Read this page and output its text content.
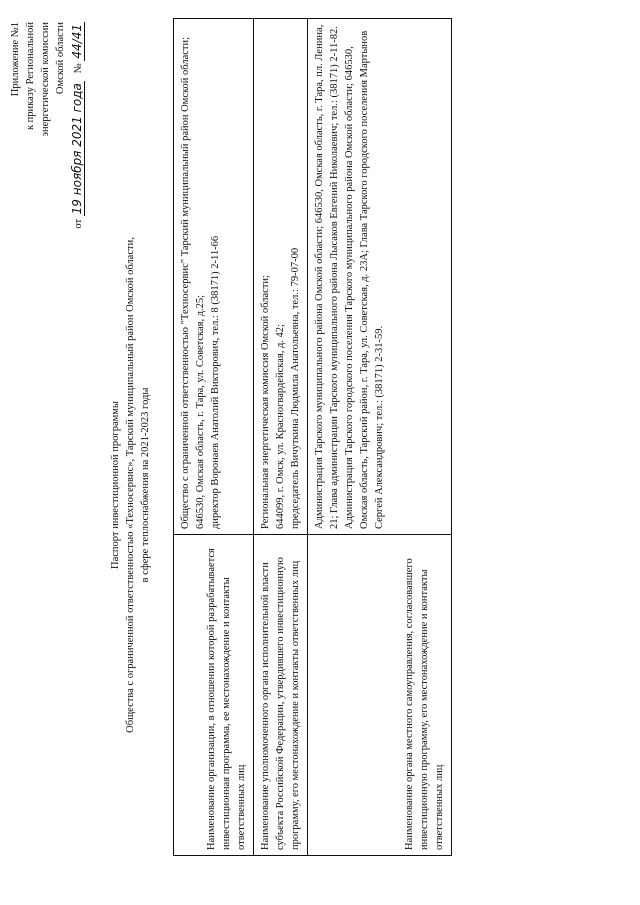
Приложение №1 к приказу Региональной энергетической комиссии Омской области
от 19 ноября 2021 года   № 44/41
Паспорт инвестиционной программы Общества с ограниченной ответственностью «Техносервис», Тарский муниципальный район Омской области, в сфере теплоснабжения на 2021-2023 годы
Наименование организации, в отношении которой разрабатывается инвестиционная программа, ее местонахождение и контакты ответственных лиц	Общество с ограниченной ответственностью "Техносервис" Тарский муниципальный район Омской области;
646530, Омская область, г. Тара, ул. Советская, д.25;
директор Воронаев Анатолий Викторович, тел.: 8 (38171) 2-11-66

Наименование уполномоченного органа исполнительной власти субъекта Российской Федерации, утвердившего инвестиционную программу, его местонахождение и контакты ответственных лиц	Региональная энергетическая комиссия Омской области;
644099, г. Омск, ул. Красногвардейская, д. 42;
председатель Вичуткина Людмила Анатольевна, тел.: 79-07-00

Наименование органа местного самоуправления, согласовавшего инвестиционную программу, его местонахождение и контакты ответственных лиц	Администрация Тарского муниципального района Омской области; 646530, Омская область, г. Тара, пл. Ленина, 21; Глава администрации Тарского муниципального района Лысаков Евгений Николаевич; тел.: (38171) 2-11-82. Администрация Тарского городского поселения Тарского муниципального района Омской области; 646530, Омская область, Тарский район, г. Тара, ул. Советская, д. 23А; Глава Тарского городского поселения Мартынов Сергей Александрович; тел.: (38171) 2-31-59.
